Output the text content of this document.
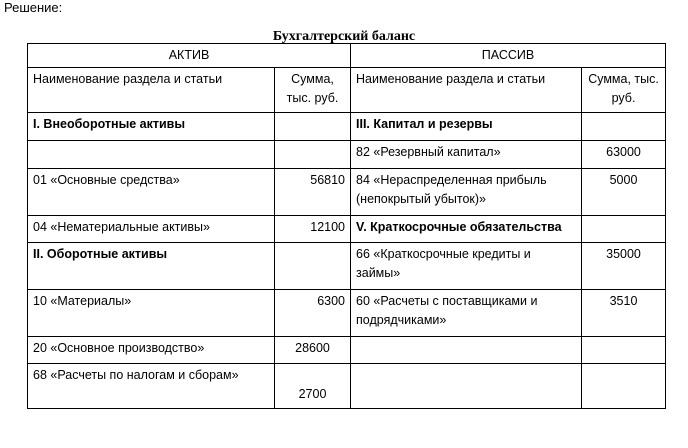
Решение:
Бухгалтерский баланс
АКТИВ		ПАССИВ	
Наименование раздела и статьи	Сумма, тыс. руб.	Наименование раздела и статьи	Сумма, тыс. руб.
I. Внеоборотные активы		III. Капитал и резервы	
		82 «Резервный капитал»	63000
01 «Основные средства»	56810	84 «Нераспределенная прибыль (непокрытый убыток)»	5000
04 «Нематериальные активы»	12100	V. Краткосрочные обязательства	
II. Оборотные активы		66 «Краткосрочные кредиты и займы»	35000
10 «Материалы»	6300	60 «Расчеты с поставщиками и подрядчиками»	3510
20 «Основное производство»	28600		
68 «Расчеты по налогам и сборам»	2700		
